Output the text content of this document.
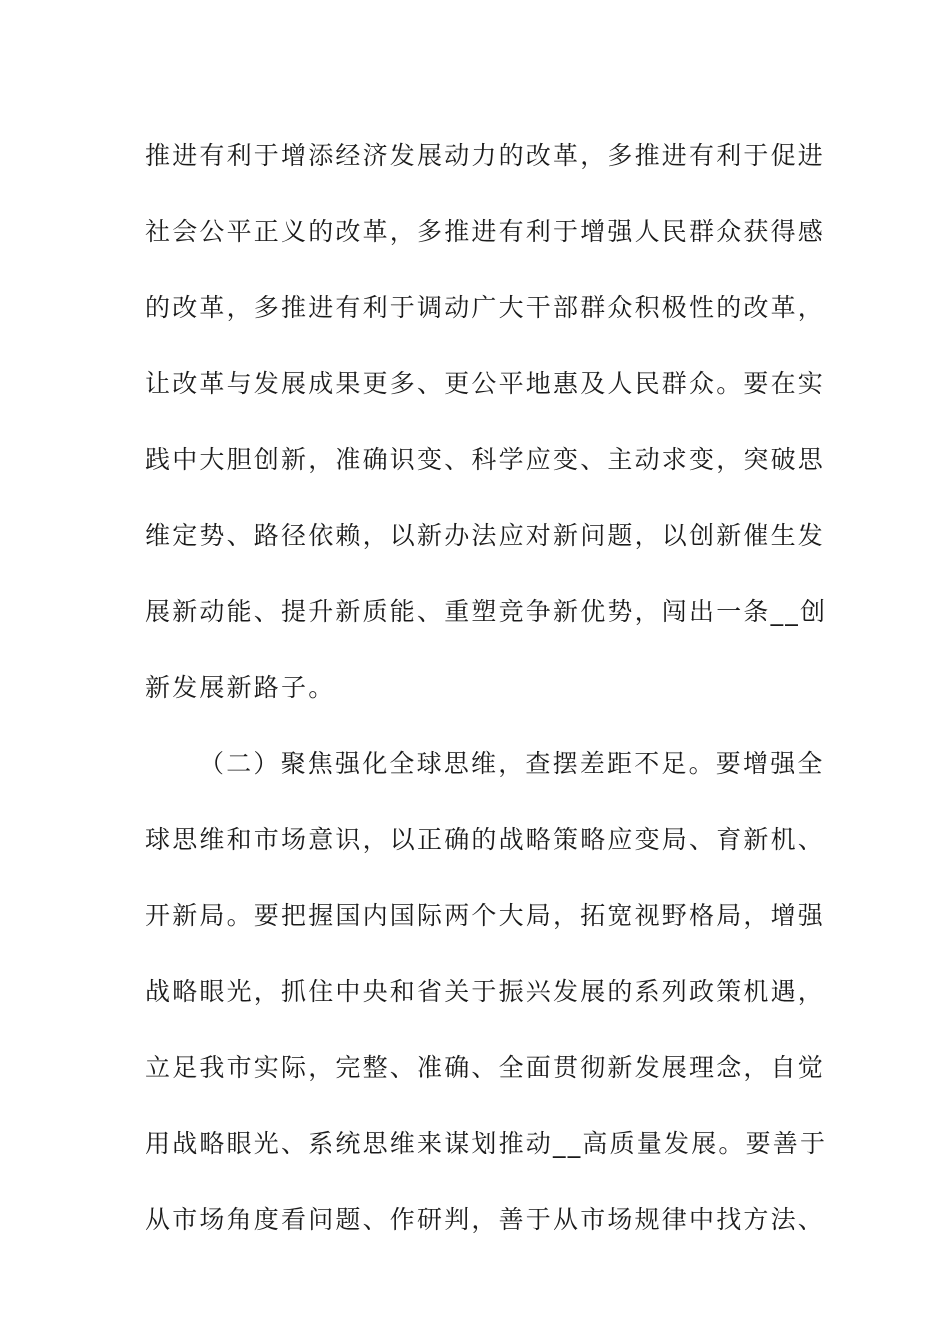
推进有利于增添经济发展动力的改革，多推进有利于促进
社会公平正义的改革，多推进有利于增强人民群众获得感
的改革，多推进有利于调动广大干部群众积极性的改革，
让改革与发展成果更多、更公平地惠及人民群众。要在实
践中大胆创新，准确识变、科学应变、主动求变，突破思
维定势、路径依赖，以新办法应对新问题，以创新催生发
展新动能、提升新质能、重塑竞争新优势，闯出一条__创
新发展新路子。
（二）聚焦强化全球思维，查摆差距不足。要增强全
球思维和市场意识，以正确的战略策略应变局、育新机、
开新局。要把握国内国际两个大局，拓宽视野格局，增强
战略眼光，抓住中央和省关于振兴发展的系列政策机遇，
立足我市实际，完整、准确、全面贯彻新发展理念，自觉
用战略眼光、系统思维来谋划推动__高质量发展。要善于
从市场角度看问题、作研判，善于从市场规律中找方法、
